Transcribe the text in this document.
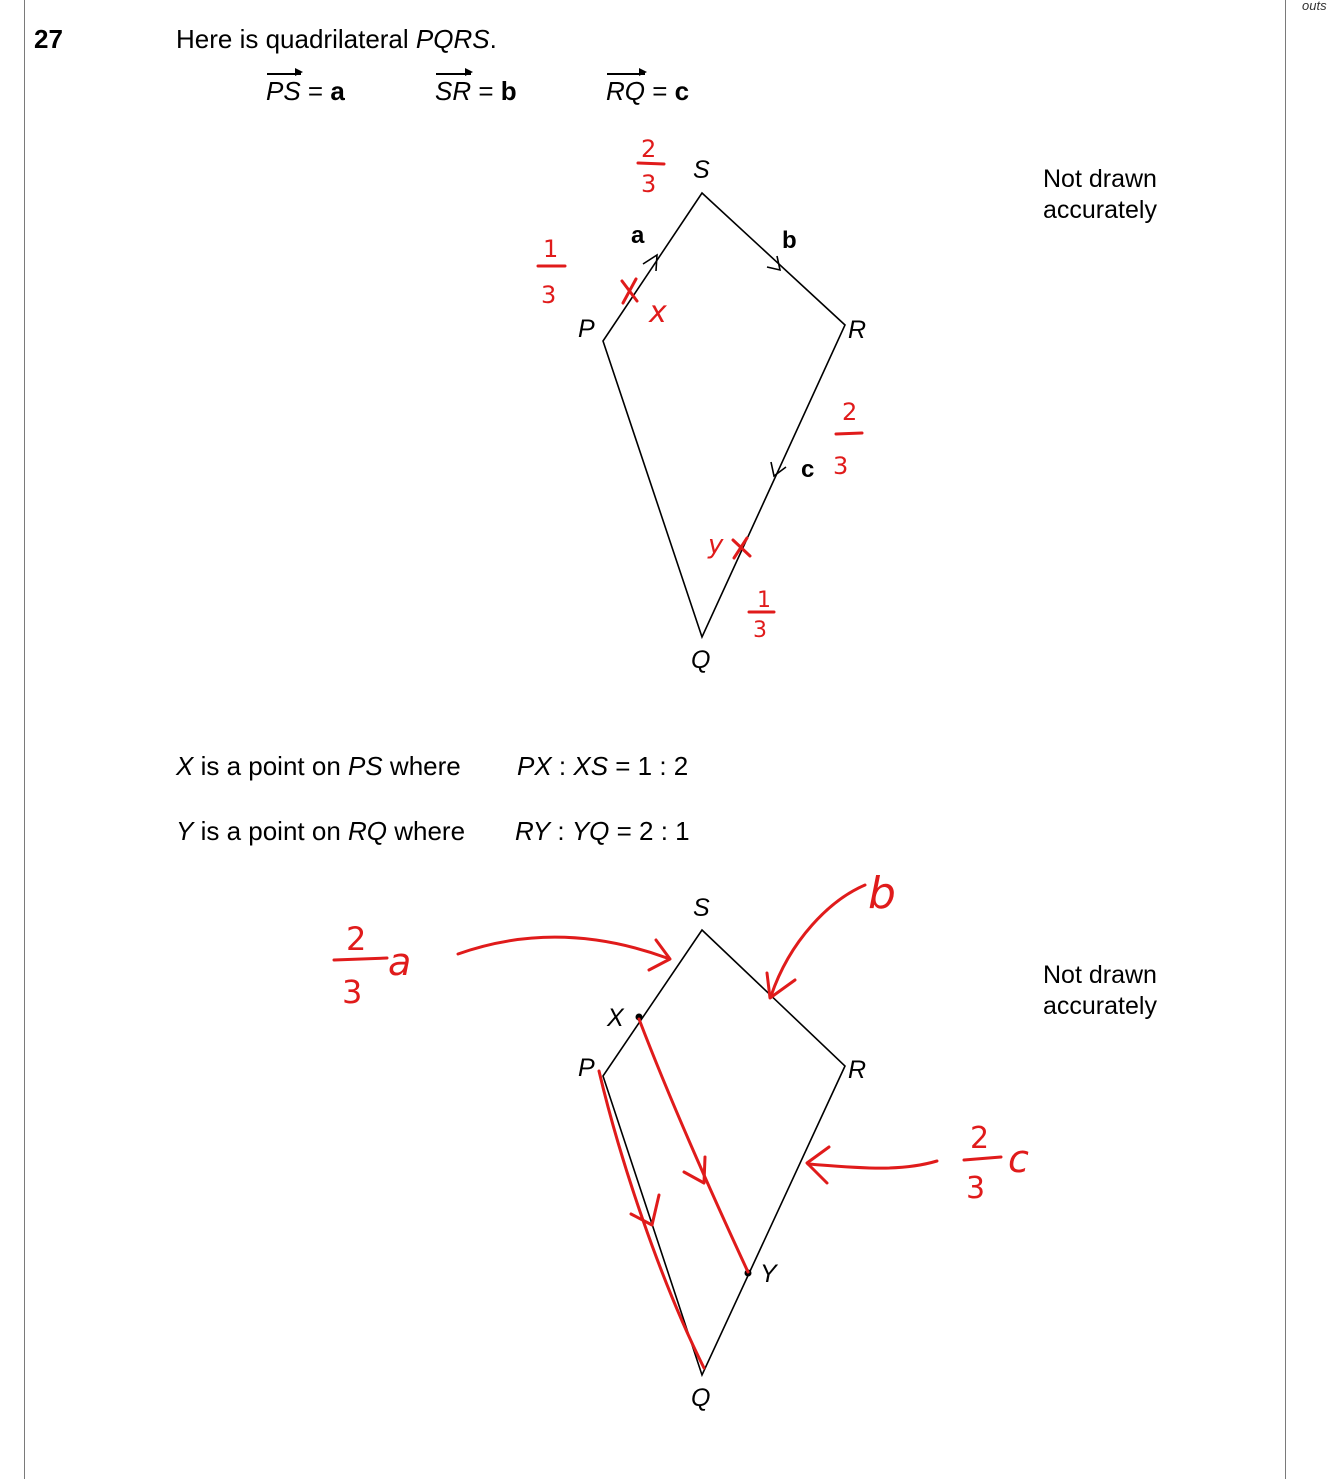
outs
27	Here is quadrilateral PQRS.
PS = a	SR = b	RQ = c
Not drawn
accurately
Not drawn
accurately
X is a point on PS where PX : XS = 1 : 2
Y is a point on RQ where RY : YQ = 2 : 1
S
P	R
Q
a	b
c
2
3
1
3	x
2
3
y
1
3
S
P	R
Q
X
Y
2
3
a
b
2
3
c
